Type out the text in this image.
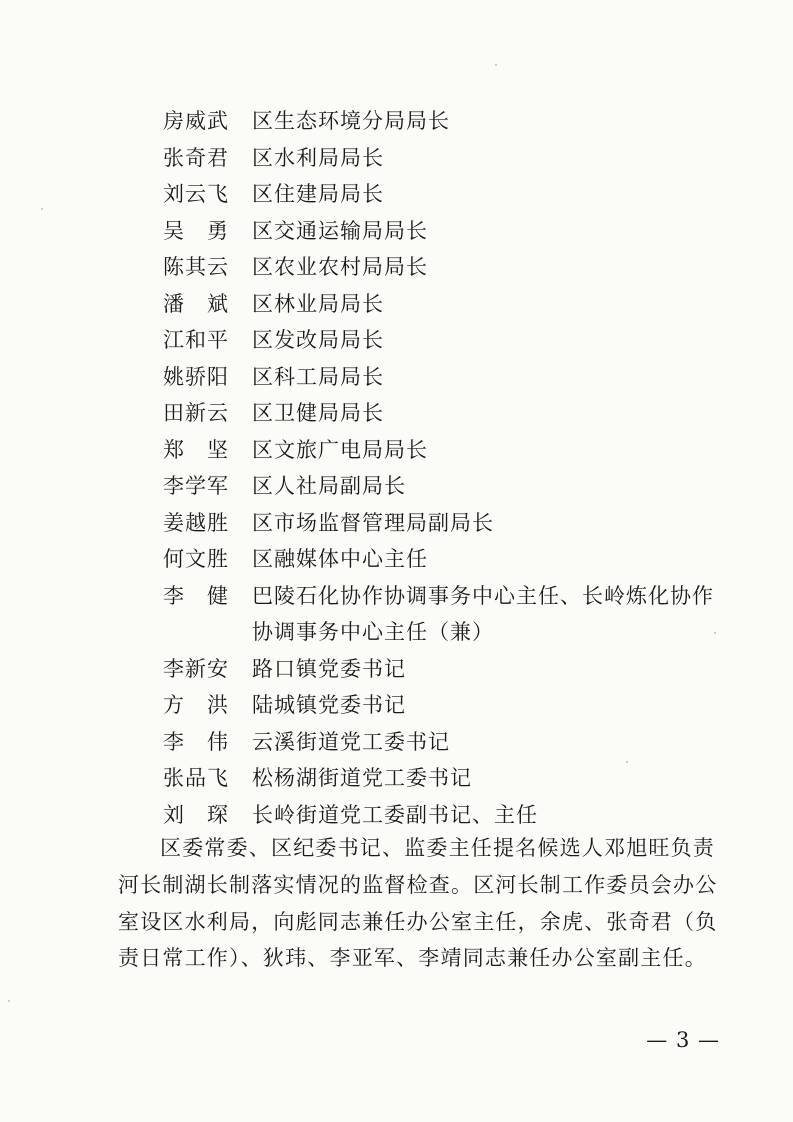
房威武 区生态环境分局局长
张奇君 区水利局局长
刘云飞 区住建局局长
吴　勇 区交通运输局局长
陈其云 区农业农村局局长
潘　斌 区林业局局长
江和平 区发改局局长
姚骄阳 区科工局局长
田新云 区卫健局局长
郑　坚 区文旅广电局局长
李学军 区人社局副局长
姜越胜 区市场监督管理局副局长
何文胜 区融媒体中心主任
李　健 巴陵石化协作协调事务中心主任、长岭炼化协作协调事务中心主任（兼）
李新安 路口镇党委书记
方　洪 陆城镇党委书记
李　伟 云溪街道党工委书记
张品飞 松杨湖街道党工委书记
刘　琛 长岭街道党工委副书记、主任

区委常委、区纪委书记、监委主任提名候选人邓旭旺负责河长制湖长制落实情况的监督检查。区河长制工作委员会办公室设区水利局，向彪同志兼任办公室主任，余虎、张奇君（负责日常工作）、狄玮、李亚军、李靖同志兼任办公室副主任。

— 3 —
